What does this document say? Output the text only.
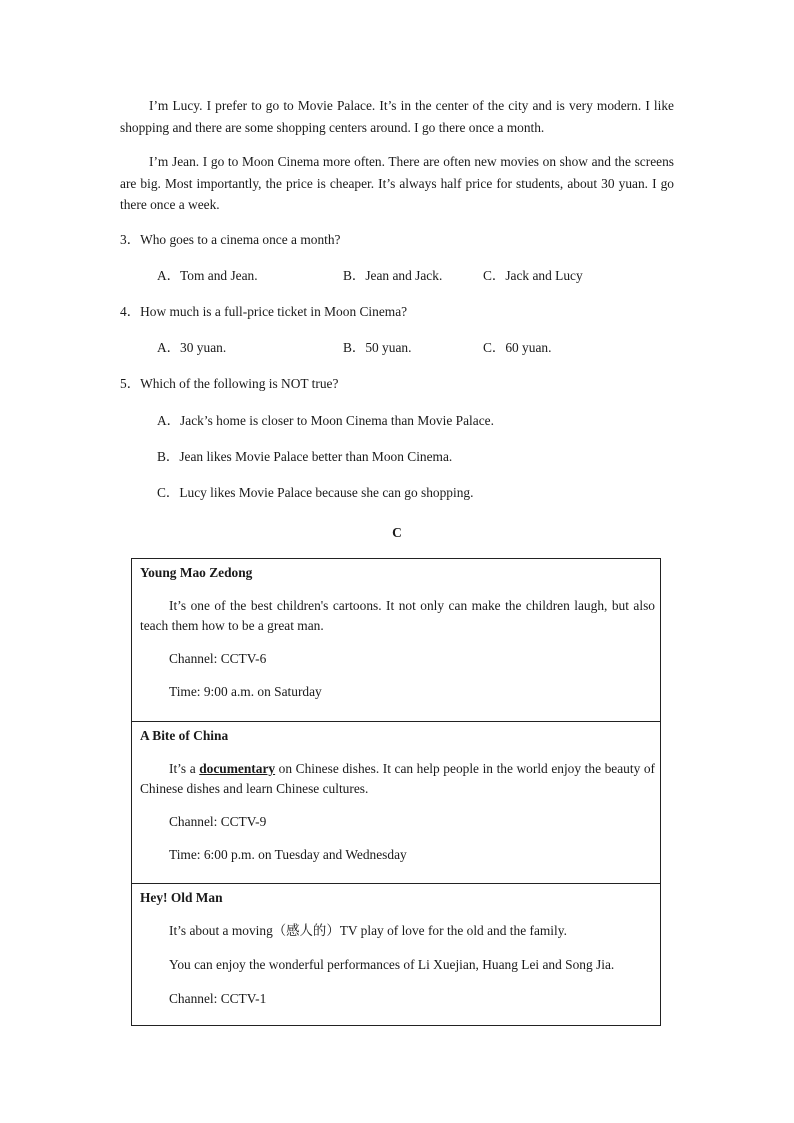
I’m Lucy. I prefer to go to Movie Palace. It’s in the center of the city and is very modern. I like shopping and there are some shopping centers around. I go there once a month.
I’m Jean. I go to Moon Cinema more often. There are often new movies on show and the screens are big. Most importantly, the price is cheaper. It’s always half price for students, about 30 yuan. I go there once a week.
3．Who goes to a cinema once a month?
A．Tom and Jean.	B．Jean and Jack.	C．Jack and Lucy
4．How much is a full-price ticket in Moon Cinema?
A．30 yuan.	B．50 yuan.	C．60 yuan.
5．Which of the following is NOT true?
A．Jack’s home is closer to Moon Cinema than Movie Palace.
B．Jean likes Movie Palace better than Moon Cinema.
C．Lucy likes Movie Palace because she can go shopping.
C
Young Mao Zedong
It’s one of the best children's cartoons. It not only can make the children laugh, but also teach them how to be a great man.
Channel: CCTV-6
Time: 9:00 a.m. on Saturday
A Bite of China
It’s a documentary on Chinese dishes. It can help people in the world enjoy the beauty of Chinese dishes and learn Chinese cultures.
Channel: CCTV-9
Time: 6:00 p.m. on Tuesday and Wednesday
Hey! Old Man
It’s about a moving（感人的）TV play of love for the old and the family.
You can enjoy the wonderful performances of Li Xuejian, Huang Lei and Song Jia.
Channel: CCTV-1
